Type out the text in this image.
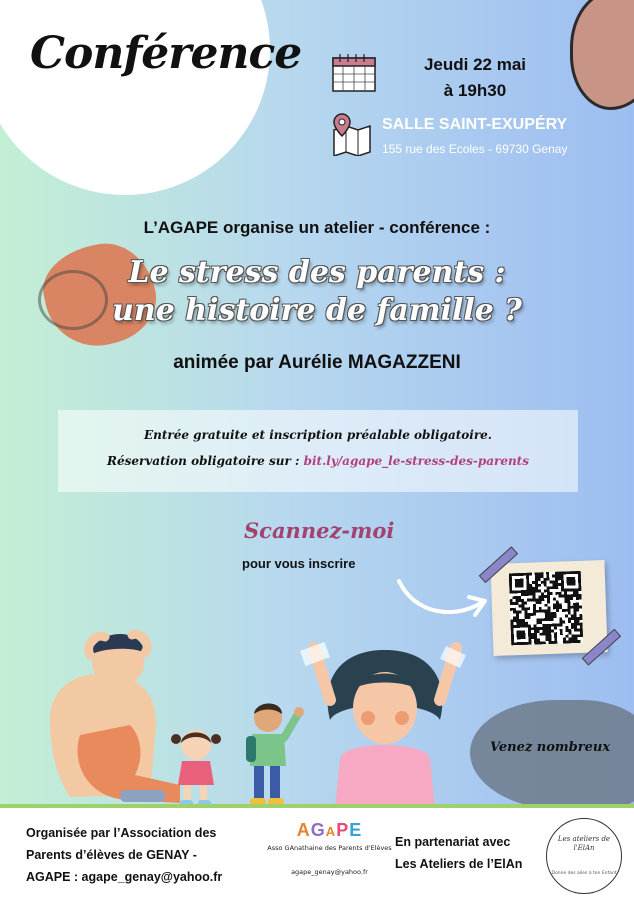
Conférence	Jeudi 22 mai
à 19h30
SALLE SAINT-EXUPÉRY
155 rue des Ecoles - 69730 Genay
L’AGAPE organise un atelier - conférence :
Le stress des parents :
une histoire de famille ?
animée par Aurélie MAGAZZENI
Entrée gratuite et inscription préalable obligatoire.
Réservation obligatoire sur : bit.ly/agape_le-stress-des-parents
Scannez-moi
pour vous inscrire
Venez nombreux
Organisée par l’Association des
Parents d’élèves de GENAY -
AGAPE : agape_genay@yahoo.fr
AGAPE
Asso GAnathaine des Parents d'Elèves
agape_genay@yahoo.fr
En partenariat avec
Les Ateliers de l’ElAn
Les ateliers de l'ElAn
Donne des ailes à ton Enfant
